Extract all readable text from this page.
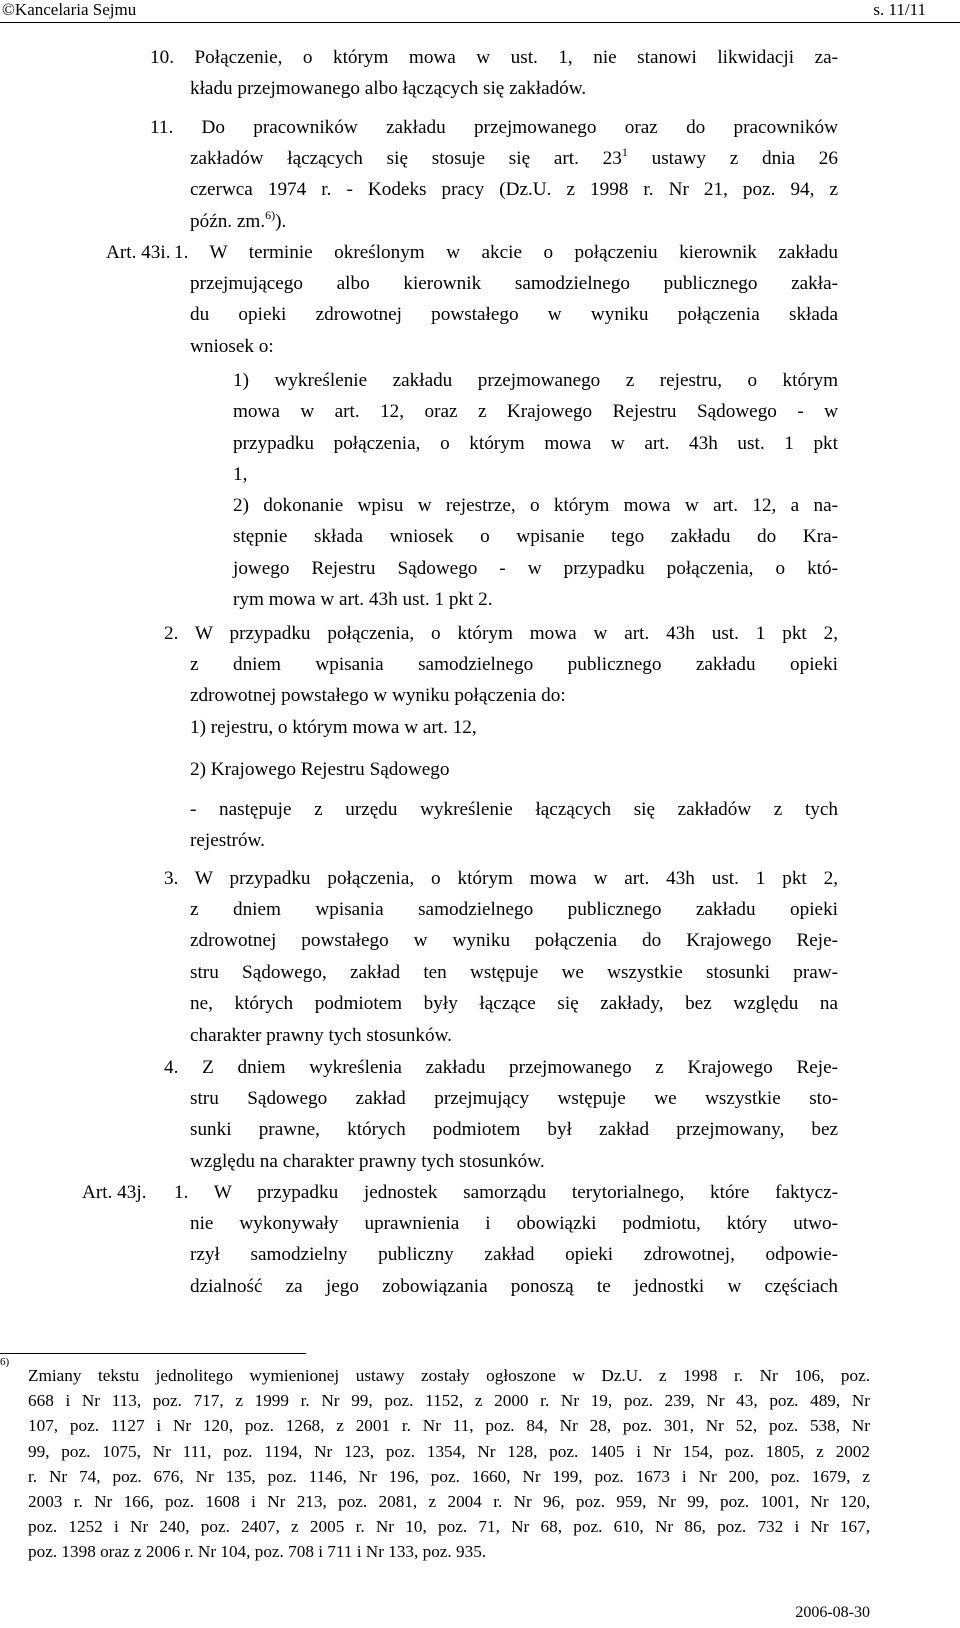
©Kancelaria Sejmu	s. 11/11
10. Połączenie, o którym mowa w ust. 1, nie stanowi likwidacji za-
kładu przejmowanego albo łączących się zakładów.
11. Do pracowników zakładu przejmowanego oraz do pracowników
zakładów łączących się stosuje się art. $23^1$ ustawy z dnia 26
czerwca 1974 r. - Kodeks pracy (Dz.U. z 1998 r. Nr 21, poz. 94, z
późn. zm.$^{6)}$).
Art. 43i. 1. W terminie określonym w akcie o połączeniu kierownik zakładu
przejmującego albo kierownik samodzielnego publicznego zakła-
du opieki zdrowotnej powstałego w wyniku połączenia składa
wniosek o:
1) wykreślenie zakładu przejmowanego z rejestru, o którym
mowa w art. 12, oraz z Krajowego Rejestru Sądowego - w
przypadku połączenia, o którym mowa w art. 43h ust. 1 pkt
1,
2) dokonanie wpisu w rejestrze, o którym mowa w art. 12, a na-
stępnie składa wniosek o wpisanie tego zakładu do Kra-
jowego Rejestru Sądowego - w przypadku połączenia, o któ-
rym mowa w art. 43h ust. 1 pkt 2.
2. W przypadku połączenia, o którym mowa w art. 43h ust. 1 pkt 2,
z dniem wpisania samodzielnego publicznego zakładu opieki
zdrowotnej powstałego w wyniku połączenia do:
1) rejestru, o którym mowa w art. 12,
2) Krajowego Rejestru Sądowego
- następuje z urzędu wykreślenie łączących się zakładów z tych
rejestrów.
3. W przypadku połączenia, o którym mowa w art. 43h ust. 1 pkt 2,
z dniem wpisania samodzielnego publicznego zakładu opieki
zdrowotnej powstałego w wyniku połączenia do Krajowego Reje-
stru Sądowego, zakład ten wstępuje we wszystkie stosunki praw-
ne, których podmiotem były łączące się zakłady, bez względu na
charakter prawny tych stosunków.
4. Z dniem wykreślenia zakładu przejmowanego z Krajowego Reje-
stru Sądowego zakład przejmujący wstępuje we wszystkie sto-
sunki prawne, których podmiotem był zakład przejmowany, bez
względu na charakter prawny tych stosunków.
Art. 43j.	1. W przypadku jednostek samorządu terytorialnego, które faktycz-
nie wykonywały uprawnienia i obowiązki podmiotu, który utwo-
rzył samodzielny publiczny zakład opieki zdrowotnej, odpowie-
dzialność za jego zobowiązania ponoszą te jednostki w częściach
6)
Zmiany tekstu jednolitego wymienionej ustawy zostały ogłoszone w Dz.U. z 1998 r. Nr 106, poz.
668 i Nr 113, poz. 717, z 1999 r. Nr 99, poz. 1152, z 2000 r. Nr 19, poz. 239, Nr 43, poz. 489, Nr
107, poz. 1127 i Nr 120, poz. 1268, z 2001 r. Nr 11, poz. 84, Nr 28, poz. 301, Nr 52, poz. 538, Nr
99, poz. 1075, Nr 111, poz. 1194, Nr 123, poz. 1354, Nr 128, poz. 1405 i Nr 154, poz. 1805, z 2002
r. Nr 74, poz. 676, Nr 135, poz. 1146, Nr 196, poz. 1660, Nr 199, poz. 1673 i Nr 200, poz. 1679, z
2003 r. Nr 166, poz. 1608 i Nr 213, poz. 2081, z 2004 r. Nr 96, poz. 959, Nr 99, poz. 1001, Nr 120,
poz. 1252 i Nr 240, poz. 2407, z 2005 r. Nr 10, poz. 71, Nr 68, poz. 610, Nr 86, poz. 732 i Nr 167,
poz. 1398 oraz z 2006 r. Nr 104, poz. 708 i 711 i Nr 133, poz. 935.
2006-08-30
